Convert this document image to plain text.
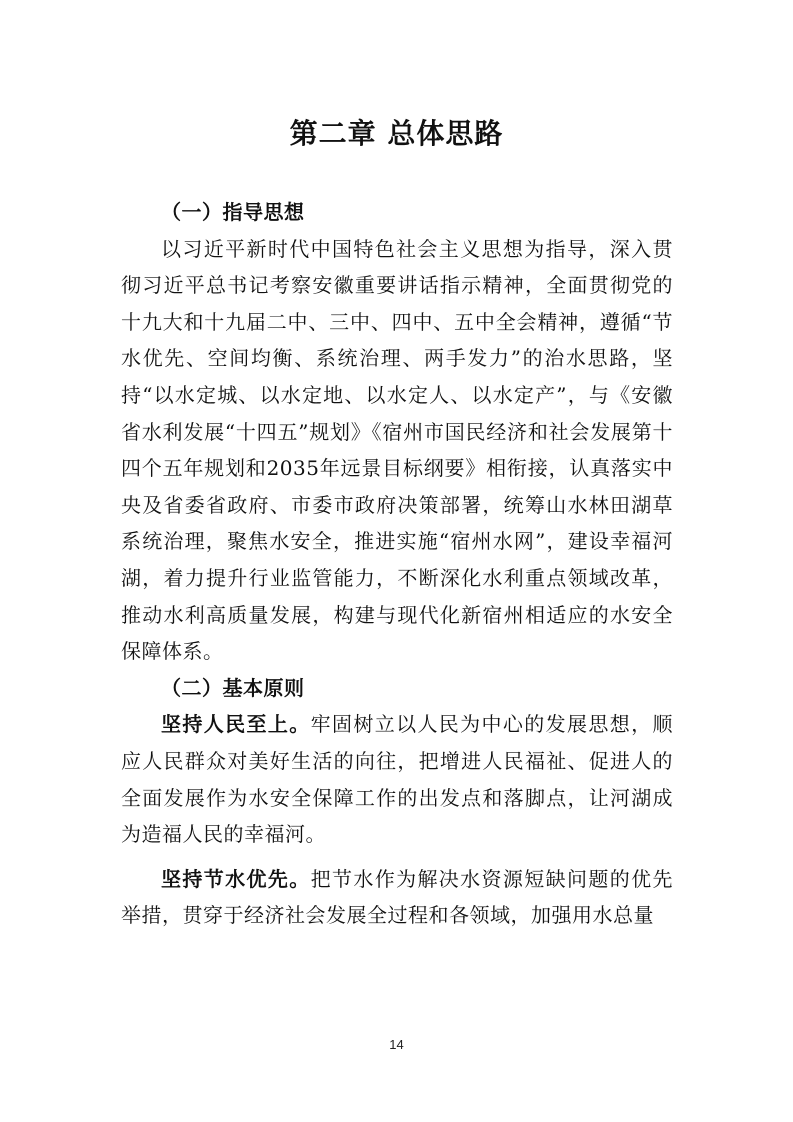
第二章 总体思路

（一）指导思想

以习近平新时代中国特色社会主义思想为指导，深入贯彻习近平总书记考察安徽重要讲话指示精神，全面贯彻党的十九大和十九届二中、三中、四中、五中全会精神，遵循“节水优先、空间均衡、系统治理、两手发力”的治水思路，坚持“以水定城、以水定地、以水定人、以水定产”，与《安徽省水利发展“十四五”规划》《宿州市国民经济和社会发展第十四个五年规划和2035年远景目标纲要》相衔接，认真落实中央及省委省政府、市委市政府决策部署，统筹山水林田湖草系统治理，聚焦水安全，推进实施“宿州水网”，建设幸福河湖，着力提升行业监管能力，不断深化水利重点领域改革，推动水利高质量发展，构建与现代化新宿州相适应的水安全保障体系。

（二）基本原则

坚持人民至上。牢固树立以人民为中心的发展思想，顺应人民群众对美好生活的向往，把增进人民福祉、促进人的全面发展作为水安全保障工作的出发点和落脚点，让河湖成为造福人民的幸福河。

坚持节水优先。把节水作为解决水资源短缺问题的优先举措，贯穿于经济社会发展全过程和各领域，加强用水总量

14
